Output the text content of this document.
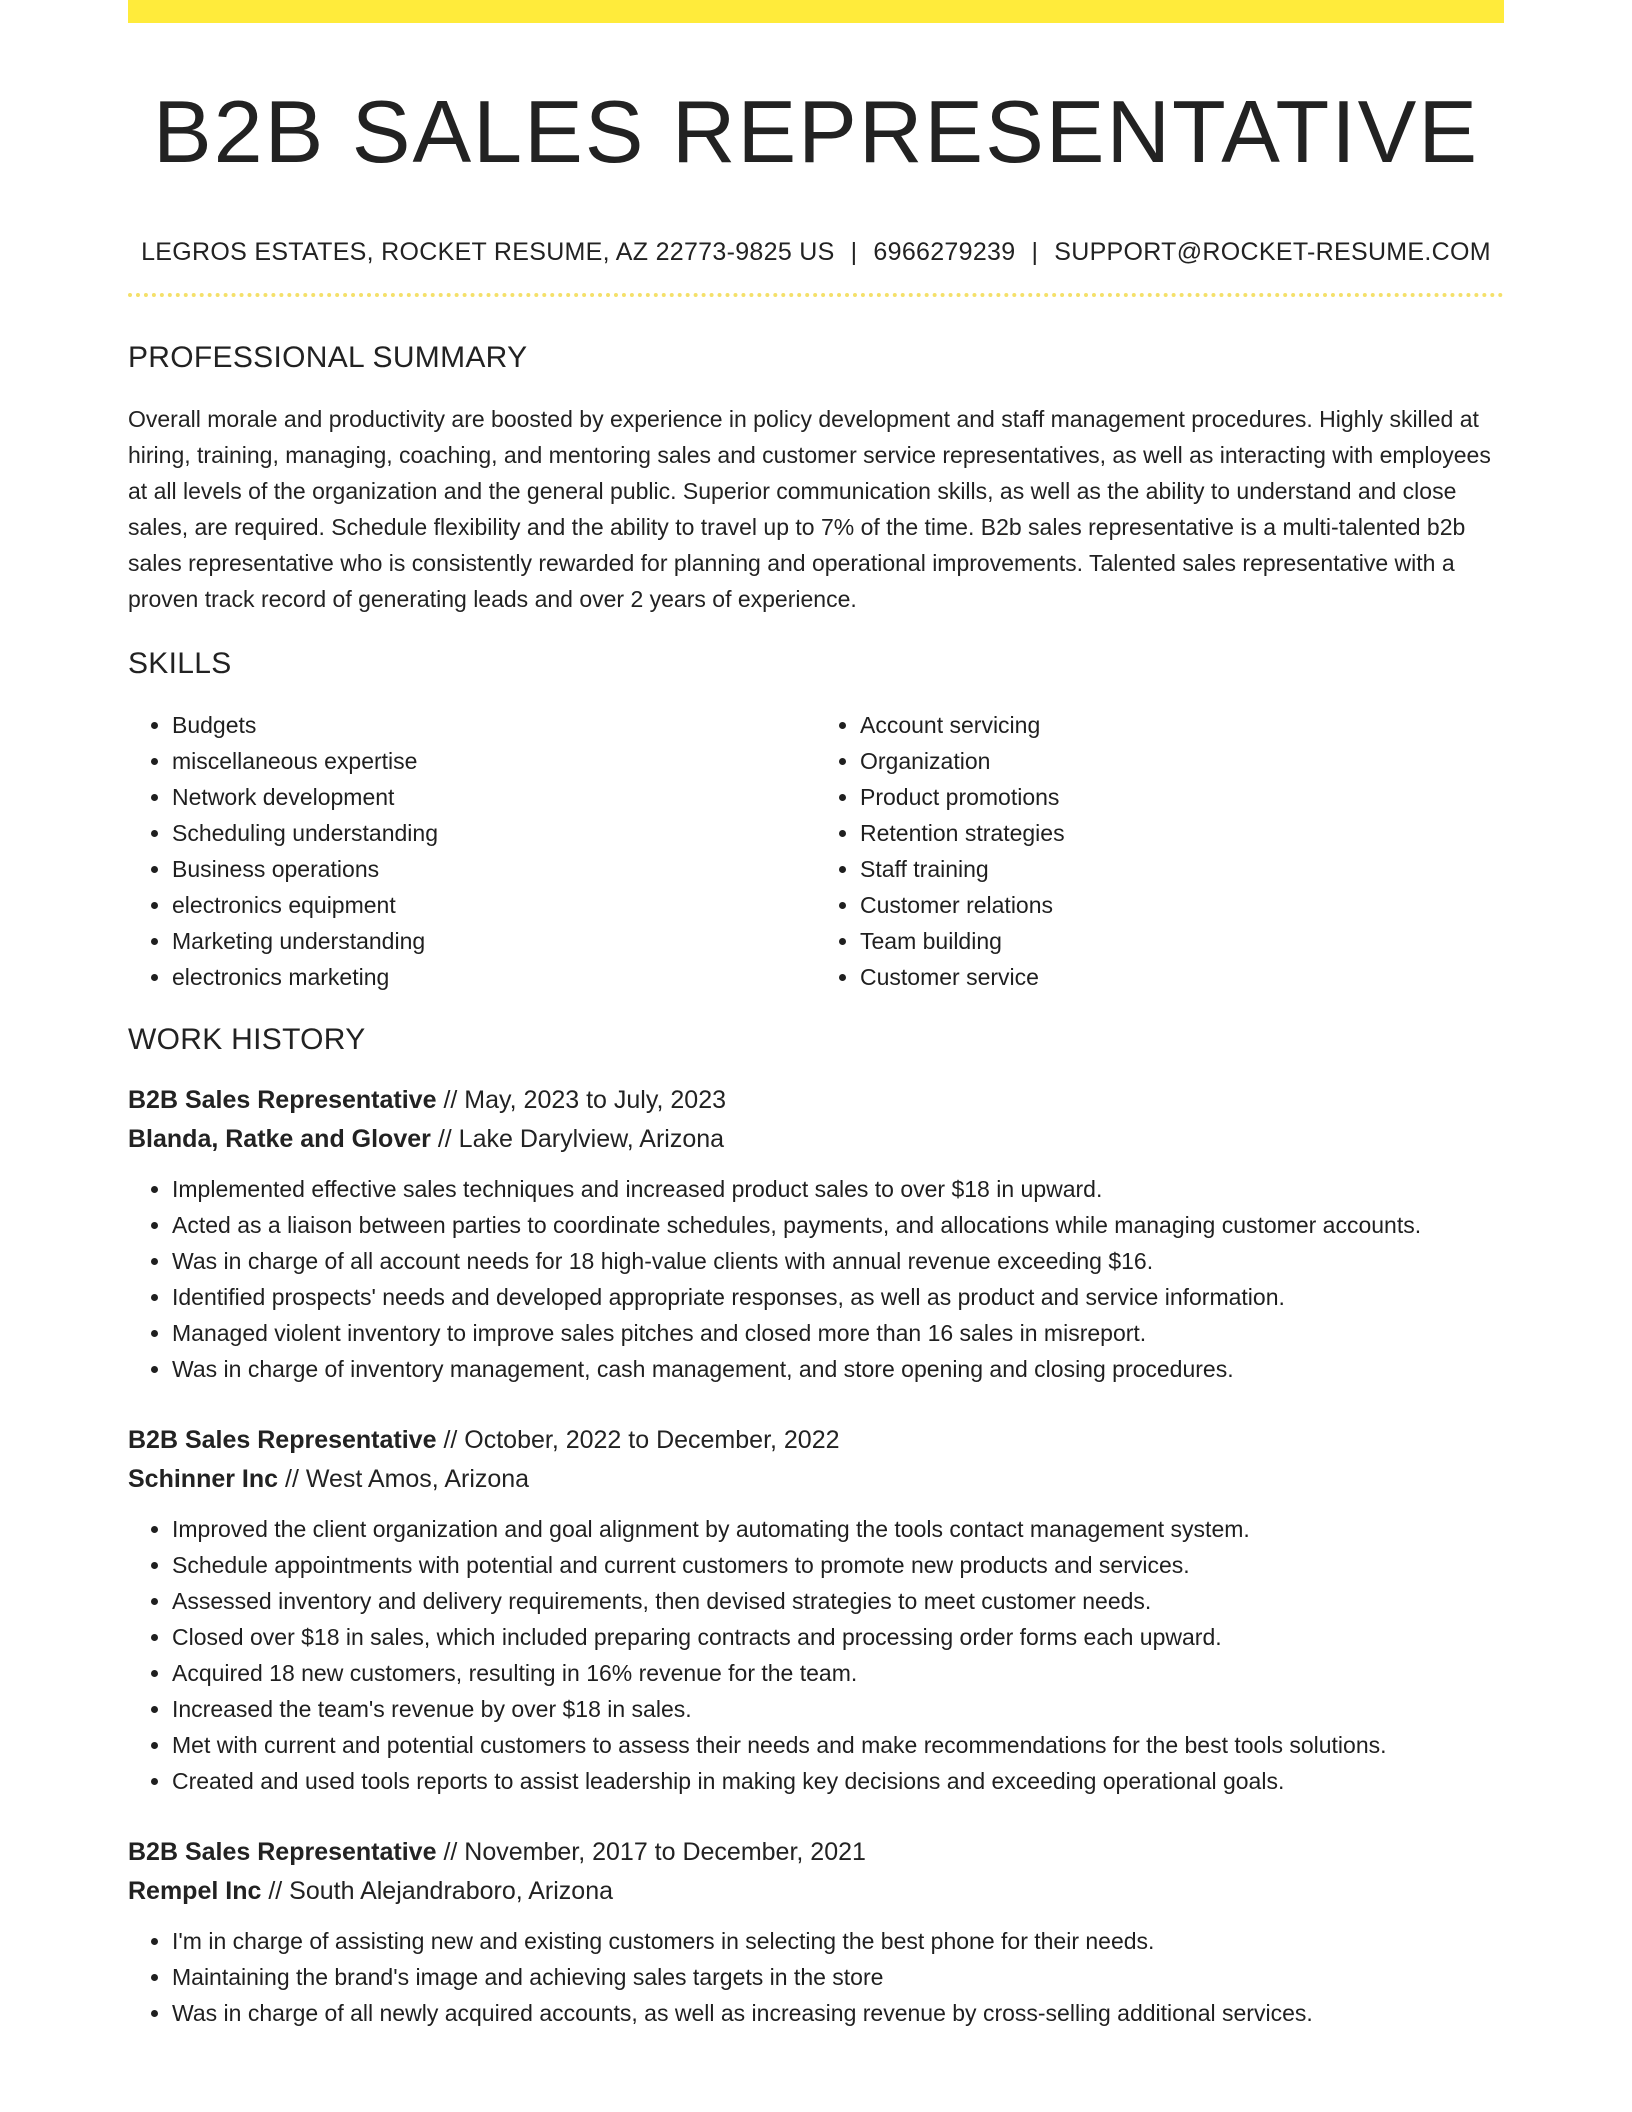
B2B SALES REPRESENTATIVE
LEGROS ESTATES, ROCKET RESUME, AZ 22773-9825 US | 6966279239 | SUPPORT@ROCKET-RESUME.COM
PROFESSIONAL SUMMARY
Overall morale and productivity are boosted by experience in policy development and staff management procedures. Highly skilled at hiring, training, managing, coaching, and mentoring sales and customer service representatives, as well as interacting with employees at all levels of the organization and the general public. Superior communication skills, as well as the ability to understand and close sales, are required. Schedule flexibility and the ability to travel up to 7% of the time. B2b sales representative is a multi-talented b2b sales representative who is consistently rewarded for planning and operational improvements. Talented sales representative with a proven track record of generating leads and over 2 years of experience.
SKILLS
• Budgets
• miscellaneous expertise
• Network development
• Scheduling understanding
• Business operations
• electronics equipment
• Marketing understanding
• electronics marketing
• Account servicing
• Organization
• Product promotions
• Retention strategies
• Staff training
• Customer relations
• Team building
• Customer service
WORK HISTORY
B2B Sales Representative // May, 2023 to July, 2023
Blanda, Ratke and Glover // Lake Darylview, Arizona
• Implemented effective sales techniques and increased product sales to over $18 in upward.
• Acted as a liaison between parties to coordinate schedules, payments, and allocations while managing customer accounts.
• Was in charge of all account needs for 18 high-value clients with annual revenue exceeding $16.
• Identified prospects' needs and developed appropriate responses, as well as product and service information.
• Managed violent inventory to improve sales pitches and closed more than 16 sales in misreport.
• Was in charge of inventory management, cash management, and store opening and closing procedures.
B2B Sales Representative // October, 2022 to December, 2022
Schinner Inc // West Amos, Arizona
• Improved the client organization and goal alignment by automating the tools contact management system.
• Schedule appointments with potential and current customers to promote new products and services.
• Assessed inventory and delivery requirements, then devised strategies to meet customer needs.
• Closed over $18 in sales, which included preparing contracts and processing order forms each upward.
• Acquired 18 new customers, resulting in 16% revenue for the team.
• Increased the team's revenue by over $18 in sales.
• Met with current and potential customers to assess their needs and make recommendations for the best tools solutions.
• Created and used tools reports to assist leadership in making key decisions and exceeding operational goals.
B2B Sales Representative // November, 2017 to December, 2021
Rempel Inc // South Alejandraboro, Arizona
• I'm in charge of assisting new and existing customers in selecting the best phone for their needs.
• Maintaining the brand's image and achieving sales targets in the store
• Was in charge of all newly acquired accounts, as well as increasing revenue by cross-selling additional services.
